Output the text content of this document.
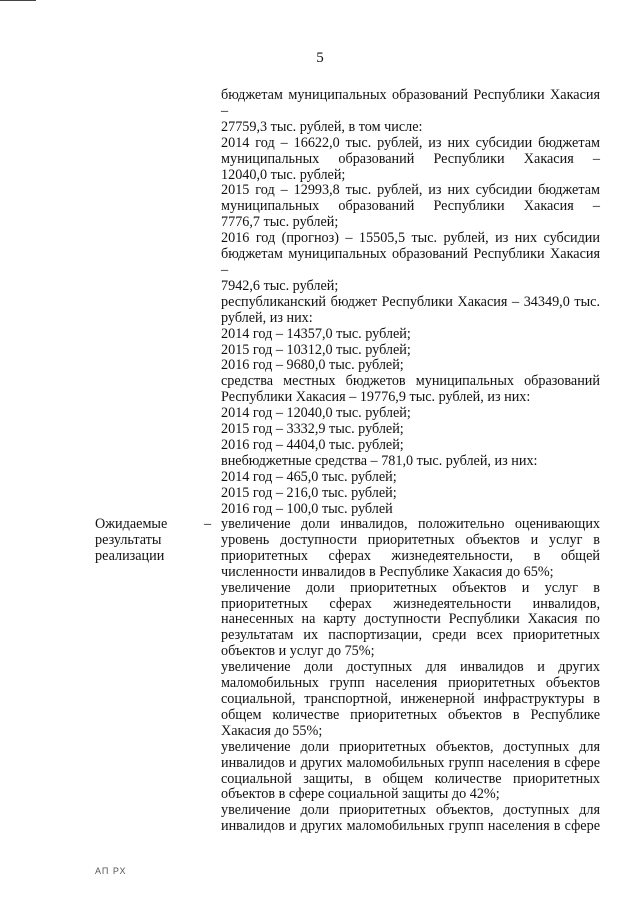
5

бюджетам муниципальных образований Республики Хакасия –

27759,3 тыс. рублей, в том числе:

2014 год – 16622,0 тыс. рублей, из них субсидии бюджетам

муниципальных образований Республики Хакасия –

12040,0 тыс. рублей;

2015 год – 12993,8 тыс. рублей, из них субсидии бюджетам

муниципальных образований Республики Хакасия –

7776,7 тыс. рублей;

2016 год (прогноз) – 15505,5 тыс. рублей, из них субсидии

бюджетам муниципальных образований Республики Хакасия –

7942,6 тыс. рублей;

республиканский бюджет Республики Хакасия – 34349,0 тыс.

рублей, из них:

2014 год – 14357,0 тыс. рублей;

2015 год – 10312,0 тыс. рублей;

2016 год – 9680,0 тыс. рублей;

средства местных бюджетов муниципальных образований

Республики Хакасия – 19776,9 тыс. рублей, из них:

2014 год – 12040,0 тыс. рублей;

2015 год – 3332,9 тыс. рублей;

2016 год – 4404,0 тыс. рублей;

внебюджетные средства – 781,0 тыс. рублей, из них:

2014 год – 465,0 тыс. рублей;

2015 год – 216,0 тыс. рублей;

2016 год – 100,0 тыс. рублей

Ожидаемые
результаты
реализации
– увеличение доли инвалидов, положительно оценивающих

уровень доступности приоритетных объектов и услуг в

приоритетных сферах жизнедеятельности, в общей

численности инвалидов в Республике Хакасия до 65%;

увеличение доли приоритетных объектов и услуг в

приоритетных сферах жизнедеятельности инвалидов,

нанесенных на карту доступности Республики Хакасия по

результатам их паспортизации, среди всех приоритетных

объектов и услуг до 75%;

увеличение доли доступных для инвалидов и других

маломобильных групп населения приоритетных объектов

социальной, транспортной, инженерной инфраструктуры в

общем количестве приоритетных объектов в Республике

Хакасия до 55%;

увеличение доли приоритетных объектов, доступных для

инвалидов и других маломобильных групп населения в сфере

социальной защиты, в общем количестве приоритетных

объектов в сфере социальной защиты до 42%;

увеличение доли приоритетных объектов, доступных для

инвалидов и других маломобильных групп населения в сфере

АП РХ
